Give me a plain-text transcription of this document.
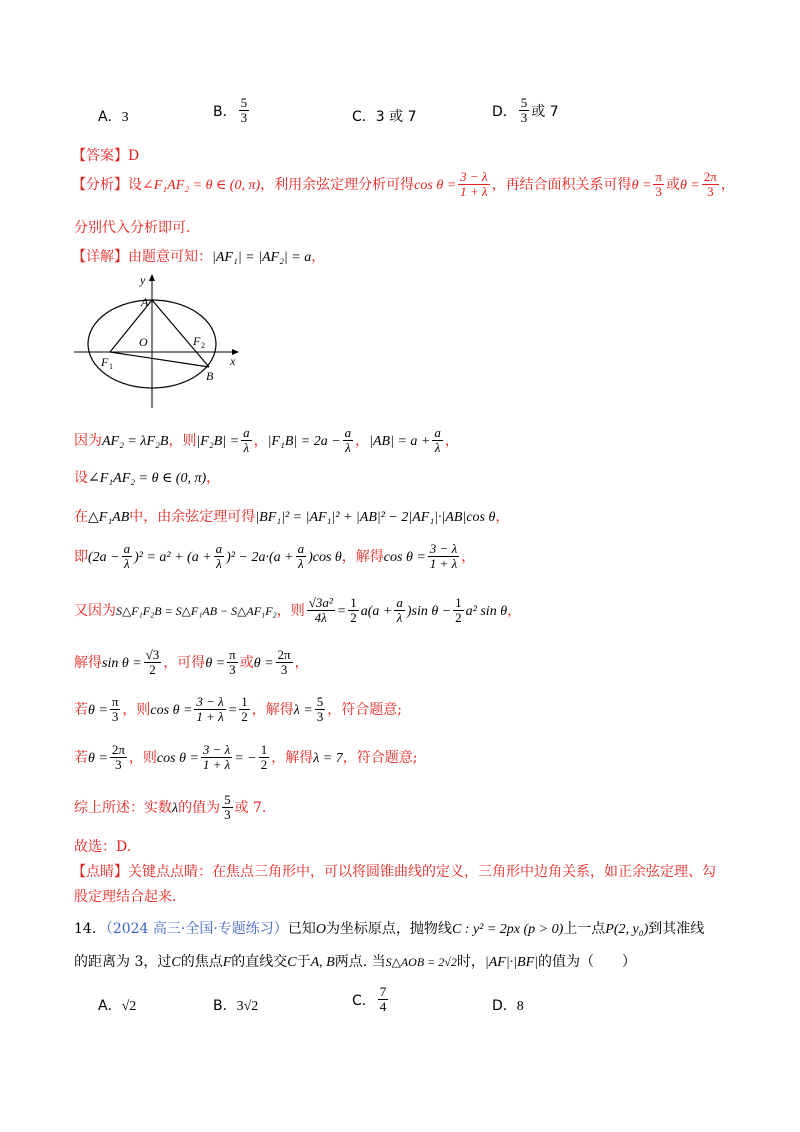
A．3	B． $\frac{5}{3}$	C．3 或 7	D． $\frac{5}{3}$ 或 7
【答案】D
【分析】设∠F₁AF₂ = θ ∈ (0, π)，利用余弦定理分析可得$\cos \theta = \frac{3 - \lambda}{1 + \lambda}$ ，再结合面积关系可得$\theta = \frac{\pi}{3}$ 或$\theta = \frac{2\pi}{3}$ ，
分别代入分析即可.
【详解】由题意可知：|AF₁| = |AF₂| = a，
y
x
A
O
F 1
F 2
B
因为AF₂ = λF₂B，则$|F_2B| = \frac{a}{\lambda}$ ，$|F_1B| = 2a - \frac{a}{\lambda}$ ，$|AB| = a + \frac{a}{\lambda}$ ，
设∠F₁AF₂ = θ ∈ (0, π)，
在△F₁AB中，由余弦定理可得|BF₁|² = |AF₁|² + |AB|² − 2|AF₁|·|AB|cos θ，
即$(2a - \frac{a}{\lambda} )^2 = a^2 + (a + \frac{a}{\lambda} )^2 - 2a\cdot(a + \frac{a}{\lambda} )\cos$ θ，解得$\cos \theta = \frac{3 - \lambda}{1 + \lambda}$ ，
又因为S△F₁F₂B = S△F₁AB − S△AF₁F₂，则 $\frac{\text{√3a²}}{4\lambda} = \frac{1}{2} a(a + \frac{a}{\lambda} )\sin$ $\theta - \frac{1}{2} a^2$ sin θ，
解得$\sin \theta = \frac{√3}{2}$ ，可得$\theta = \frac{\pi}{3}$ 或$\theta = \frac{2\pi}{3}$ ，
若$\theta = \frac{\pi}{3}$ ，则$\cos \theta = \frac{3 - \lambda}{1 + \lambda} = \frac{1}{2}$ ，解得$\lambda = \frac{5}{3}$ ，符合题意;
若$\theta = \frac{2\pi}{3}$ ，则$\cos \theta = \frac{3 - \lambda}{1 + \lambda}$ = − $\frac{1}{2}$ ，解得λ = 7，符合题意;
综上所述：实数λ的值为 $\frac{5}{3}$ 或 7.
故选：D.
【点睛】关键点点睛：在焦点三角形中，可以将圆锥曲线的定义，三角形中边角关系，如正余弦定理、勾
股定理结合起来.
14．（2024 高三·全国·专题练习）已知O为坐标原点，抛物线C : y² = 2px (p > 0)上一点P(2, y₀)到其准线
的距离为 3，过C的焦点F的直线交C于A, B两点. 当S△AOB = 2√2时，|AF|·|BF|的值为（　　）
A．√2	B．3√2	C． $\frac{7}{4}$	D．8
